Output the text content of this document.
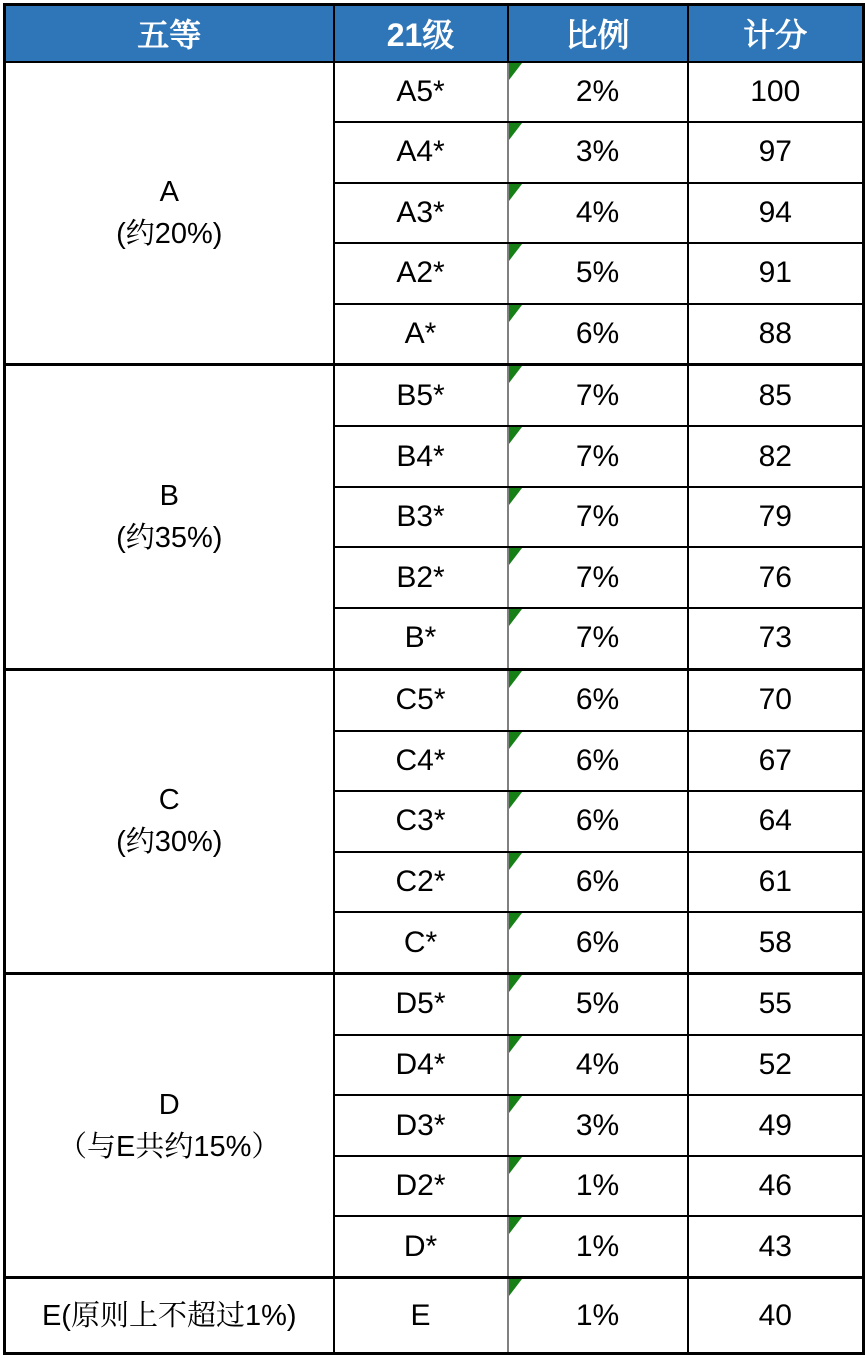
五等	21级	比例	计分

A
(约20%)	A5*	2%	100
	A4*	3%	97
	A3*	4%	94
	A2*	5%	91
	A*	6%	88

B
(约35%)	B5*	7%	85
	B4*	7%	82
	B3*	7%	79
	B2*	7%	76
	B*	7%	73

C
(约30%)	C5*	6%	70
	C4*	6%	67
	C3*	6%	64
	C2*	6%	61
	C*	6%	58

D
（与E共约15%）	D5*	5%	55
	D4*	4%	52
	D3*	3%	49
	D2*	1%	46
	D*	1%	43

E(原则上不超过1%)	E	1%	40
